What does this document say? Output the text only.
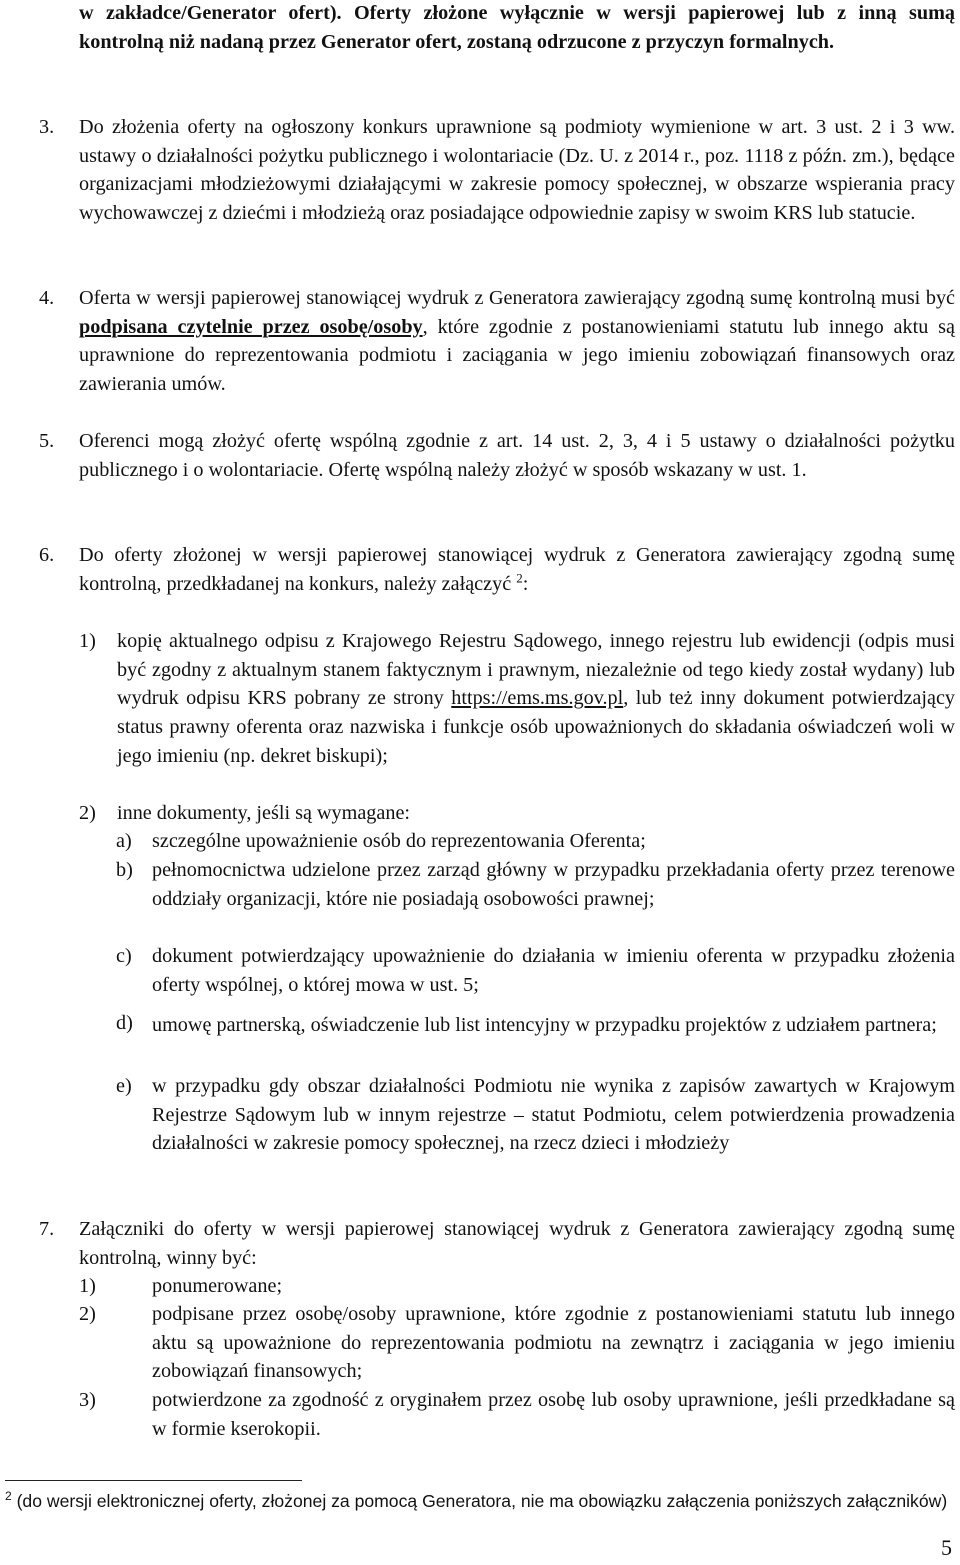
w zakładce/Generator ofert). Oferty złożone wyłącznie w wersji papierowej lub z inną sumą kontrolną niż nadaną przez Generator ofert, zostaną odrzucone z przyczyn formalnych.

3. Do złożenia oferty na ogłoszony konkurs uprawnione są podmioty wymienione w art. 3 ust. 2 i 3 ww. ustawy o działalności pożytku publicznego i wolontariacie (Dz. U. z 2014 r., poz. 1118 z późn. zm.), będące organizacjami młodzieżowymi działającymi w zakresie pomocy społecznej, w obszarze wspierania pracy wychowawczej z dziećmi i młodzieżą oraz posiadające odpowiednie zapisy w swoim KRS lub statucie.

4. Oferta w wersji papierowej stanowiącej wydruk z Generatora zawierający zgodną sumę kontrolną musi być podpisana czytelnie przez osobę/osoby, które zgodnie z postanowieniami statutu lub innego aktu są uprawnione do reprezentowania podmiotu i zaciągania w jego imieniu zobowiązań finansowych oraz zawierania umów.

5. Oferenci mogą złożyć ofertę wspólną zgodnie z art. 14 ust. 2, 3, 4 i 5 ustawy o działalności pożytku publicznego i o wolontariacie. Ofertę wspólną należy złożyć w sposób wskazany w ust. 1.

6. Do oferty złożonej w wersji papierowej stanowiącej wydruk z Generatora zawierający zgodną sumę kontrolną, przedkładanej na konkurs, należy załączyć $^2$:

1) kopię aktualnego odpisu z Krajowego Rejestru Sądowego, innego rejestru lub ewidencji (odpis musi być zgodny z aktualnym stanem faktycznym i prawnym, niezależnie od tego kiedy został wydany) lub wydruk odpisu KRS pobrany ze strony https://ems.ms.gov.pl, lub też inny dokument potwierdzający status prawny oferenta oraz nazwiska i funkcje osób upoważnionych do składania oświadczeń woli w jego imieniu (np. dekret biskupi);

2) inne dokumenty, jeśli są wymagane:

a) szczególne upoważnienie osób do reprezentowania Oferenta;

b) pełnomocnictwa udzielone przez zarząd główny w przypadku przekładania oferty przez terenowe oddziały organizacji, które nie posiadają osobowości prawnej;

c) dokument potwierdzający upoważnienie do działania w imieniu oferenta w przypadku złożenia oferty wspólnej, o której mowa w ust. 5;

d) umowę partnerską, oświadczenie lub list intencyjny w przypadku projektów z udziałem partnera;

e) w przypadku gdy obszar działalności Podmiotu nie wynika z zapisów zawartych w Krajowym Rejestrze Sądowym lub w innym rejestrze – statut Podmiotu, celem potwierdzenia prowadzenia działalności w zakresie pomocy społecznej, na rzecz dzieci i młodzieży

7. Załączniki do oferty w wersji papierowej stanowiącej wydruk z Generatora zawierający zgodną sumę kontrolną, winny być:

1)	ponumerowane;

2)	podpisane przez osobę/osoby uprawnione, które zgodnie z postanowieniami statutu lub innego aktu są upoważnione do reprezentowania podmiotu na zewnątrz i zaciągania w jego imieniu zobowiązań finansowych;

3)	potwierdzone za zgodność z oryginałem przez osobę lub osoby uprawnione, jeśli przedkładane są w formie kserokopii.

$^2$ (do wersji elektronicznej oferty, złożonej za pomocą Generatora, nie ma obowiązku załączenia poniższych załączników)

5
